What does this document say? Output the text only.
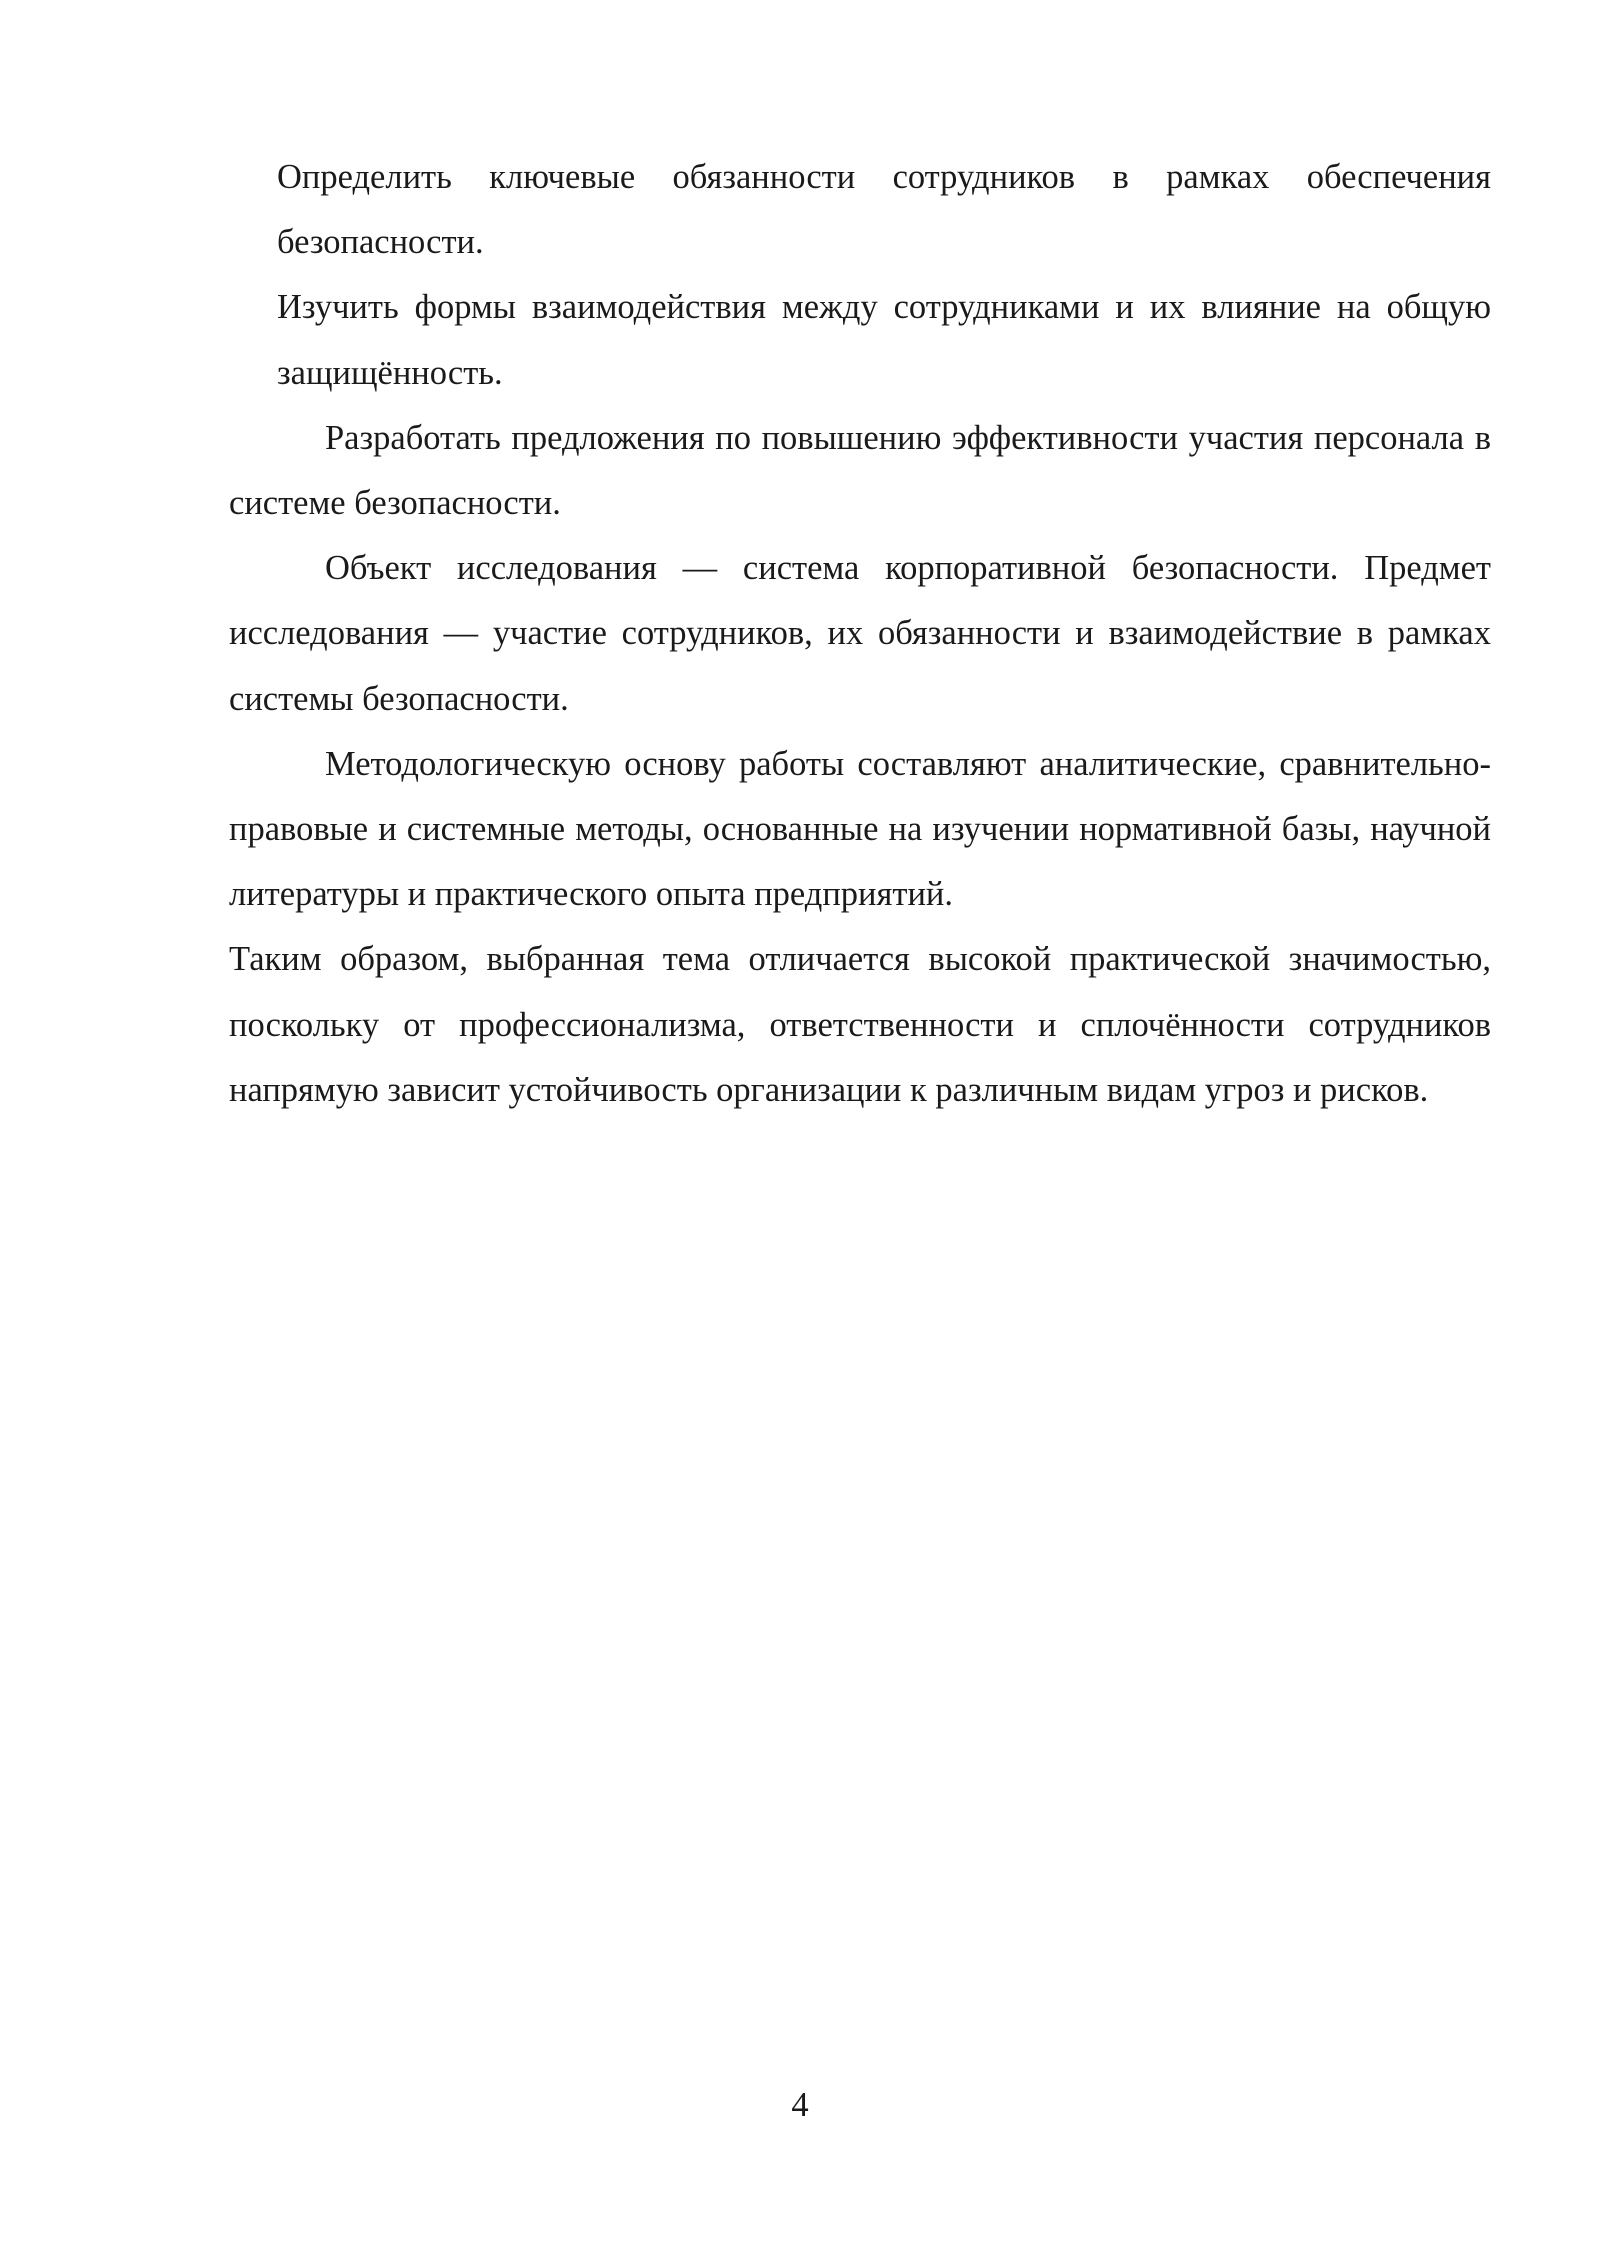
Определить ключевые обязанности сотрудников в рамках обеспечения безопасности.

Изучить формы взаимодействия между сотрудниками и их влияние на общую защищённость.

Разработать предложения по повышению эффективности участия персонала в системе безопасности.

Объект исследования — система корпоративной безопасности. Предмет исследования — участие сотрудников, их обязанности и взаимодействие в рамках системы безопасности.

Методологическую основу работы составляют аналитические, сравнительно-правовые и системные методы, основанные на изучении нормативной базы, научной литературы и практического опыта предприятий.

Таким образом, выбранная тема отличается высокой практической значимостью, поскольку от профессионализма, ответственности и сплочённости сотрудников напрямую зависит устойчивость организации к различным видам угроз и рисков.

4
